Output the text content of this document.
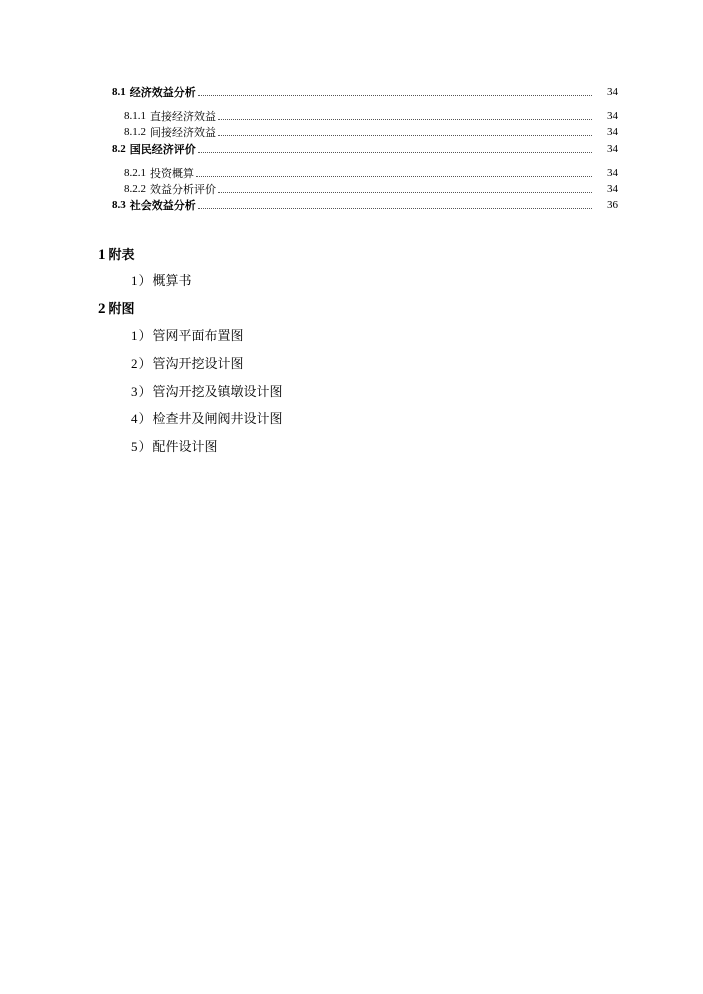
8.1 经济效益分析	34
8.1.1 直接经济效益	34
8.1.2 间接经济效益	34
8.2 国民经济评价	34
8.2.1 投资概算	34
8.2.2 效益分析评价	34
8.3 社会效益分析	36
1 附表
1）概算书
2 附图
1）管网平面布置图
2）管沟开挖设计图
3）管沟开挖及镇墩设计图
4）检查井及闸阀井设计图
5）配件设计图
